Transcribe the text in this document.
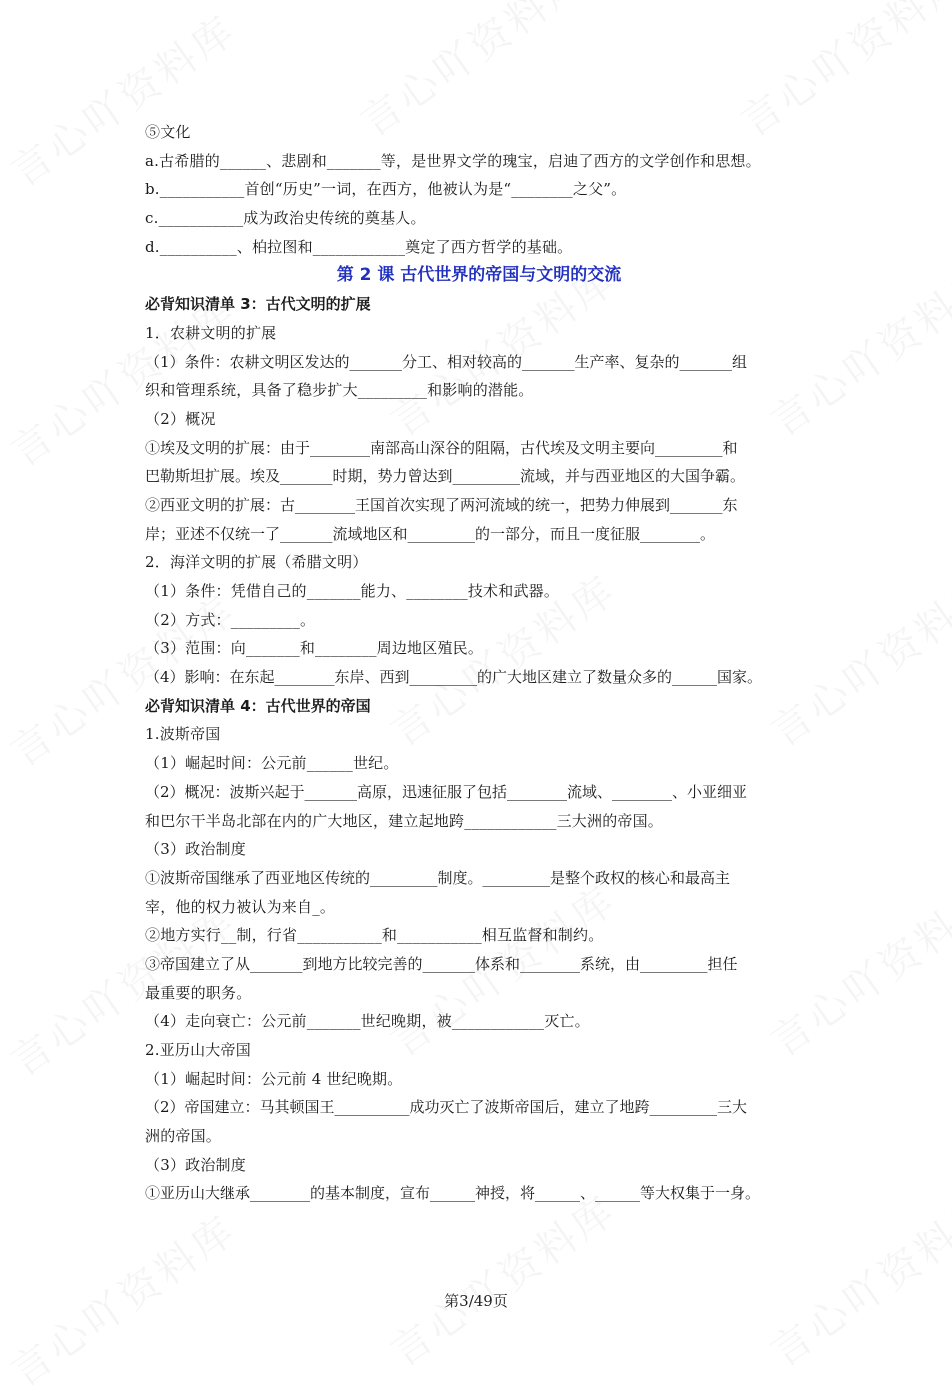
⑤文化
a.古希腊的______、悲剧和_______等，是世界文学的瑰宝，启迪了西方的文学创作和思想。
b.___________首创“历史”一词，在西方，他被认为是“________之父”。
c.___________成为政治史传统的奠基人。
d.__________、柏拉图和____________奠定了西方哲学的基础。
第 2 课 古代世界的帝国与文明的交流
必背知识清单 3：古代文明的扩展
1．农耕文明的扩展
（1）条件：农耕文明区发达的_______分工、相对较高的_______生产率、复杂的_______组
织和管理系统，具备了稳步扩大_________和影响的潜能。
（2）概况
①埃及文明的扩展：由于________南部高山深谷的阻隔，古代埃及文明主要向_________和
巴勒斯坦扩展。埃及_______时期，势力曾达到_________流域，并与西亚地区的大国争霸。
②西亚文明的扩展：古________王国首次实现了两河流域的统一，把势力伸展到_______东
岸；亚述不仅统一了_______流域地区和_________的一部分，而且一度征服________。
2．海洋文明的扩展（希腊文明）
（1）条件：凭借自己的_______能力、________技术和武器。
（2）方式：_________。
（3）范围：向_______和________周边地区殖民。
（4）影响：在东起________东岸、西到_________的广大地区建立了数量众多的______国家。
必背知识清单 4：古代世界的帝国
1.波斯帝国
（1）崛起时间：公元前______世纪。
（2）概况：波斯兴起于_______高原，迅速征服了包括________流域、________、小亚细亚
和巴尔干半岛北部在内的广大地区，建立起地跨____________三大洲的帝国。
（3）政治制度
①波斯帝国继承了西亚地区传统的_________制度。_________是整个政权的核心和最高主
宰，他的权力被认为来自_。
②地方实行__制，行省___________和___________相互监督和制约。
③帝国建立了从_______到地方比较完善的_______体系和________系统，由_________担任
最重要的职务。
（4）走向衰亡：公元前_______世纪晚期，被____________灭亡。
2.亚历山大帝国
（1）崛起时间：公元前 4 世纪晚期。
（2）帝国建立：马其顿国王__________成功灭亡了波斯帝国后，建立了地跨_________三大
洲的帝国。
（3）政治制度
①亚历山大继承________的基本制度，宣布______神授，将______、______等大权集于一身。
第3/49页
